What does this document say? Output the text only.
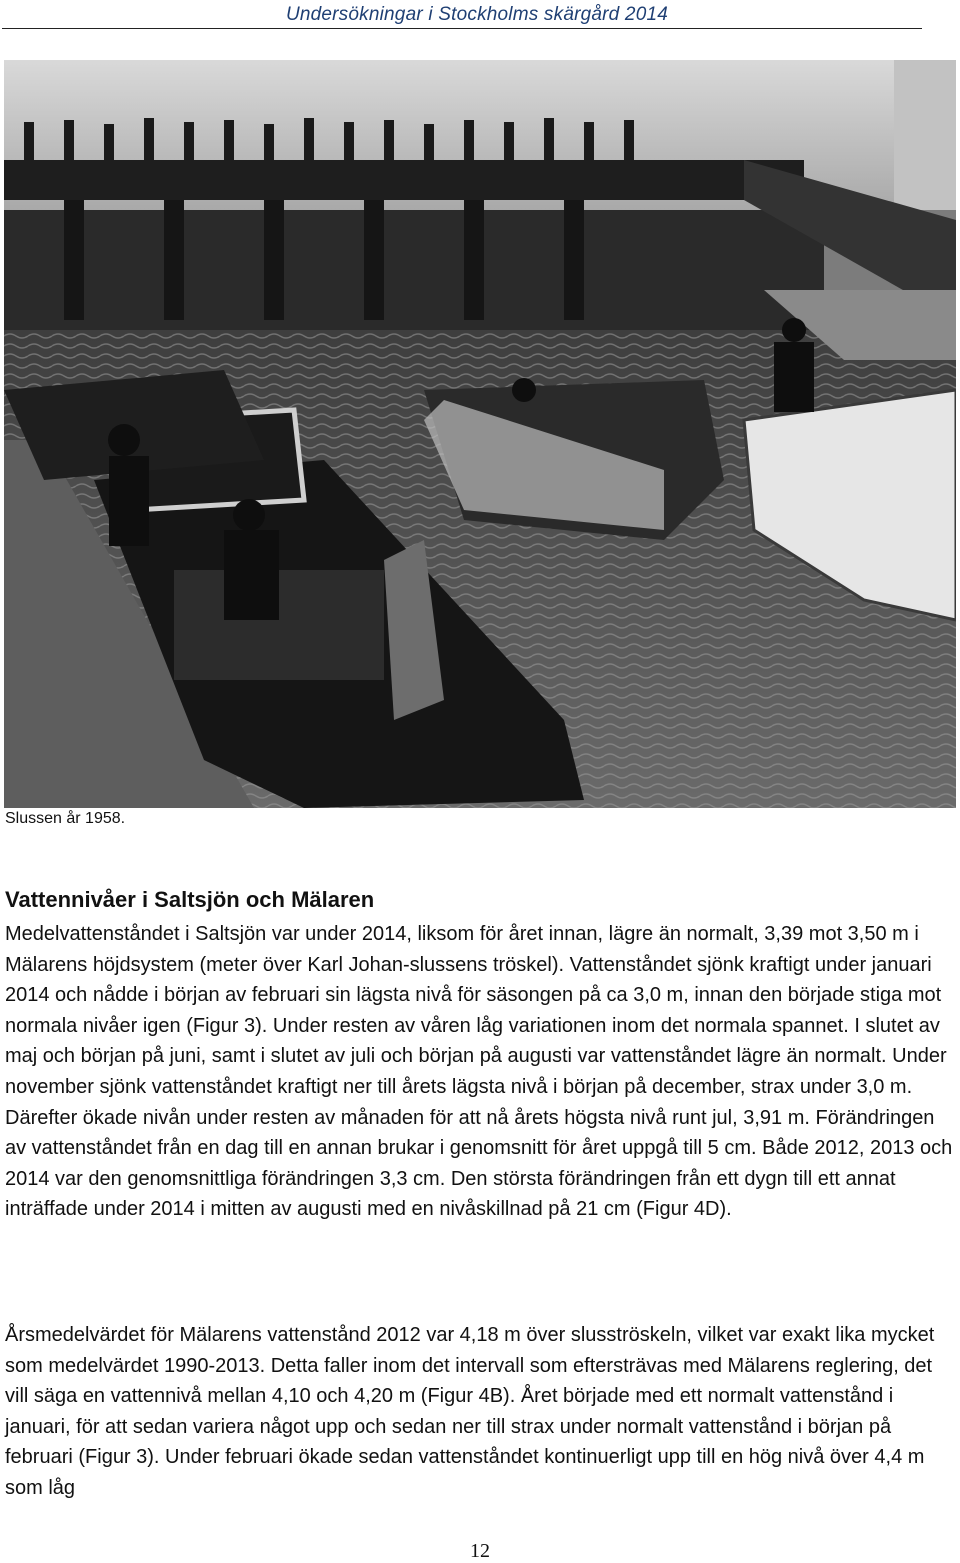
Undersökningar i Stockholms skärgård 2014
Slussen år 1958.
Vattennivåer i Saltsjön och Mälaren

Medelvattenståndet i Saltsjön var under 2014, liksom för året innan, lägre än normalt, 3,39 mot 3,50 m i Mälarens höjdsystem (meter över Karl Johan-slussens tröskel). Vattenståndet sjönk kraftigt under januari 2014 och nådde i början av februari sin lägsta nivå för säsongen på ca 3,0 m, innan den började stiga mot normala nivåer igen (Figur 3). Under resten av våren låg variationen inom det normala spannet. I slutet av maj och början på juni, samt i slutet av juli och början på augusti var vattenståndet lägre än normalt. Under november sjönk vattenståndet kraftigt ner till årets lägsta nivå i början på december, strax under 3,0 m. Därefter ökade nivån under resten av månaden för att nå årets högsta nivå runt jul, 3,91 m. Förändringen av vattenståndet från en dag till en annan brukar i genomsnitt för året uppgå till 5 cm. Både 2012, 2013 och 2014 var den genomsnittliga förändringen 3,3 cm. Den största förändringen från ett dygn till ett annat inträffade under 2014 i mitten av augusti med en nivåskillnad på 21 cm (Figur 4D).

Årsmedelvärdet för Mälarens vattenstånd 2012 var 4,18 m över slusströskeln, vilket var exakt lika mycket som medelvärdet 1990-2013. Detta faller inom det intervall som eftersträvas med Mälarens reglering, det vill säga en vattennivå mellan 4,10 och 4,20 m (Figur 4B). Året började med ett normalt vattenstånd i januari, för att sedan variera något upp och sedan ner till strax under normalt vattenstånd i början på februari (Figur 3). Under februari ökade sedan vattenståndet kontinuerligt upp till en hög nivå över 4,4 m som låg

12
